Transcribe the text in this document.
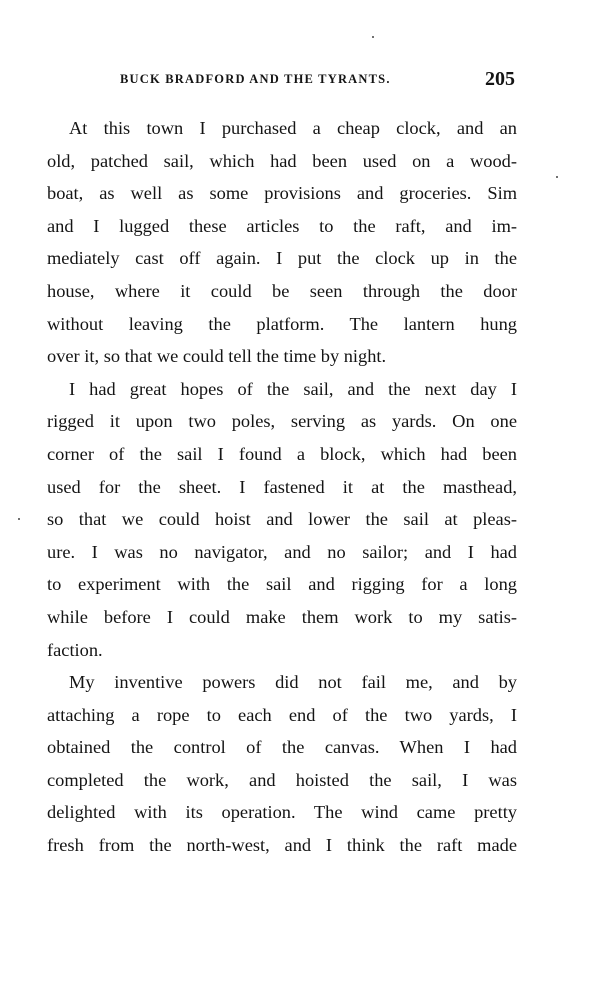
BUCK BRADFORD AND THE TYRANTS.	205
At this town I purchased a cheap clock, and an
old, patched sail, which had been used on a wood-
boat, as well as some provisions and groceries. Sim
and I lugged these articles to the raft, and im-
mediately cast off again. I put the clock up in the
house, where it could be seen through the door
without leaving the platform. The lantern hung
over it, so that we could tell the time by night.
I had great hopes of the sail, and the next day I
rigged it upon two poles, serving as yards. On one
corner of the sail I found a block, which had been
used for the sheet. I fastened it at the masthead,
so that we could hoist and lower the sail at pleas-
ure. I was no navigator, and no sailor; and I had
to experiment with the sail and rigging for a long
while before I could make them work to my satis-
faction.
My inventive powers did not fail me, and by
attaching a rope to each end of the two yards, I
obtained the control of the canvas. When I had
completed the work, and hoisted the sail, I was
delighted with its operation. The wind came pretty
fresh from the north-west, and I think the raft made
